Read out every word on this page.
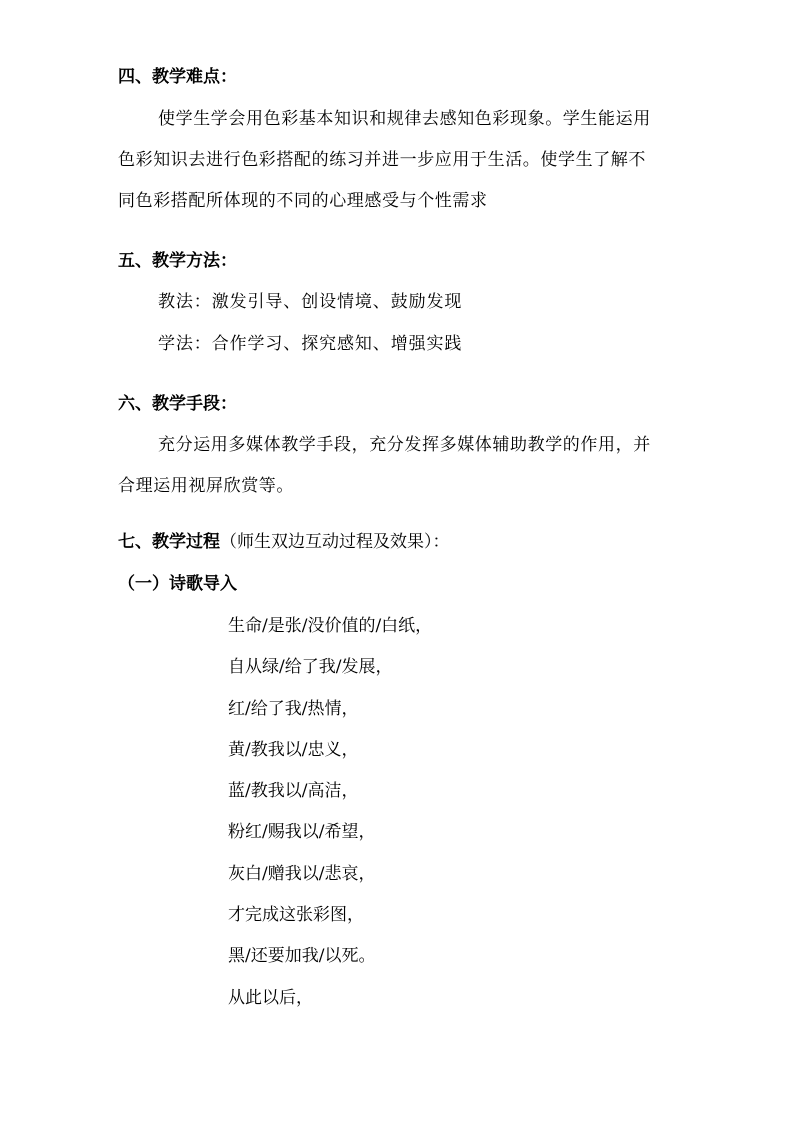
四、教学难点：
使学生学会用色彩基本知识和规律去感知色彩现象。学生能运用
色彩知识去进行色彩搭配的练习并进一步应用于生活。使学生了解不
同色彩搭配所体现的不同的心理感受与个性需求
五、教学方法：
教法：激发引导、创设情境、鼓励发现
学法：合作学习、探究感知、增强实践
六、教学手段：
充分运用多媒体教学手段，充分发挥多媒体辅助教学的作用，并
合理运用视屏欣赏等。
七、教学过程（师生双边互动过程及效果）：
（一）诗歌导入
生命/是张/没价值的/白纸，
自从绿/给了我/发展，
红/给了我/热情，
黄/教我以/忠义，
蓝/教我以/高洁，
粉红/赐我以/希望，
灰白/赠我以/悲哀，
才完成这张彩图，
黑/还要加我/以死。
从此以后，
